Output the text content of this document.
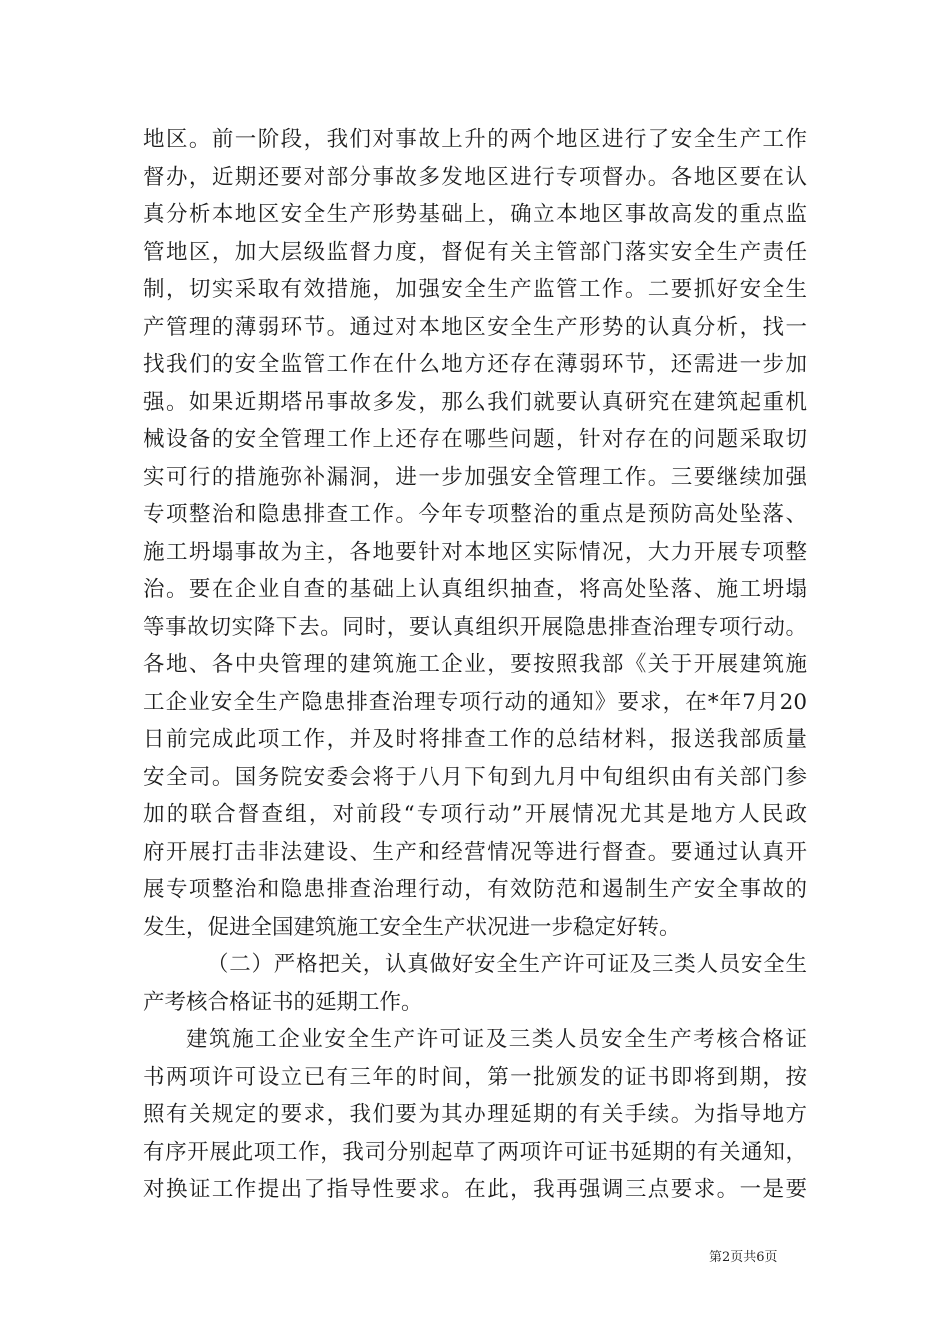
地区。前一阶段，我们对事故上升的两个地区进行了安全生产工作
督办，近期还要对部分事故多发地区进行专项督办。各地区要在认
真分析本地区安全生产形势基础上，确立本地区事故高发的重点监
管地区，加大层级监督力度，督促有关主管部门落实安全生产责任
制，切实采取有效措施，加强安全生产监管工作。二要抓好安全生
产管理的薄弱环节。通过对本地区安全生产形势的认真分析，找一
找我们的安全监管工作在什么地方还存在薄弱环节，还需进一步加
强。如果近期塔吊事故多发，那么我们就要认真研究在建筑起重机
械设备的安全管理工作上还存在哪些问题，针对存在的问题采取切
实可行的措施弥补漏洞，进一步加强安全管理工作。三要继续加强
专项整治和隐患排查工作。今年专项整治的重点是预防高处坠落、
施工坍塌事故为主，各地要针对本地区实际情况，大力开展专项整
治。要在企业自查的基础上认真组织抽查，将高处坠落、施工坍塌
等事故切实降下去。同时，要认真组织开展隐患排查治理专项行动。
各地、各中央管理的建筑施工企业，要按照我部《关于开展建筑施
工企业安全生产隐患排查治理专项行动的通知》要求，在*年7月20
日前完成此项工作，并及时将排查工作的总结材料，报送我部质量
安全司。国务院安委会将于八月下旬到九月中旬组织由有关部门参
加的联合督查组，对前段“专项行动”开展情况尤其是地方人民政
府开展打击非法建设、生产和经营情况等进行督查。要通过认真开
展专项整治和隐患排查治理行动，有效防范和遏制生产安全事故的
发生，促进全国建筑施工安全生产状况进一步稳定好转。
（二）严格把关，认真做好安全生产许可证及三类人员安全生
产考核合格证书的延期工作。
建筑施工企业安全生产许可证及三类人员安全生产考核合格证
书两项许可设立已有三年的时间，第一批颁发的证书即将到期，按
照有关规定的要求，我们要为其办理延期的有关手续。为指导地方
有序开展此项工作，我司分别起草了两项许可证书延期的有关通知，
对换证工作提出了指导性要求。在此，我再强调三点要求。一是要
第2页共6页
